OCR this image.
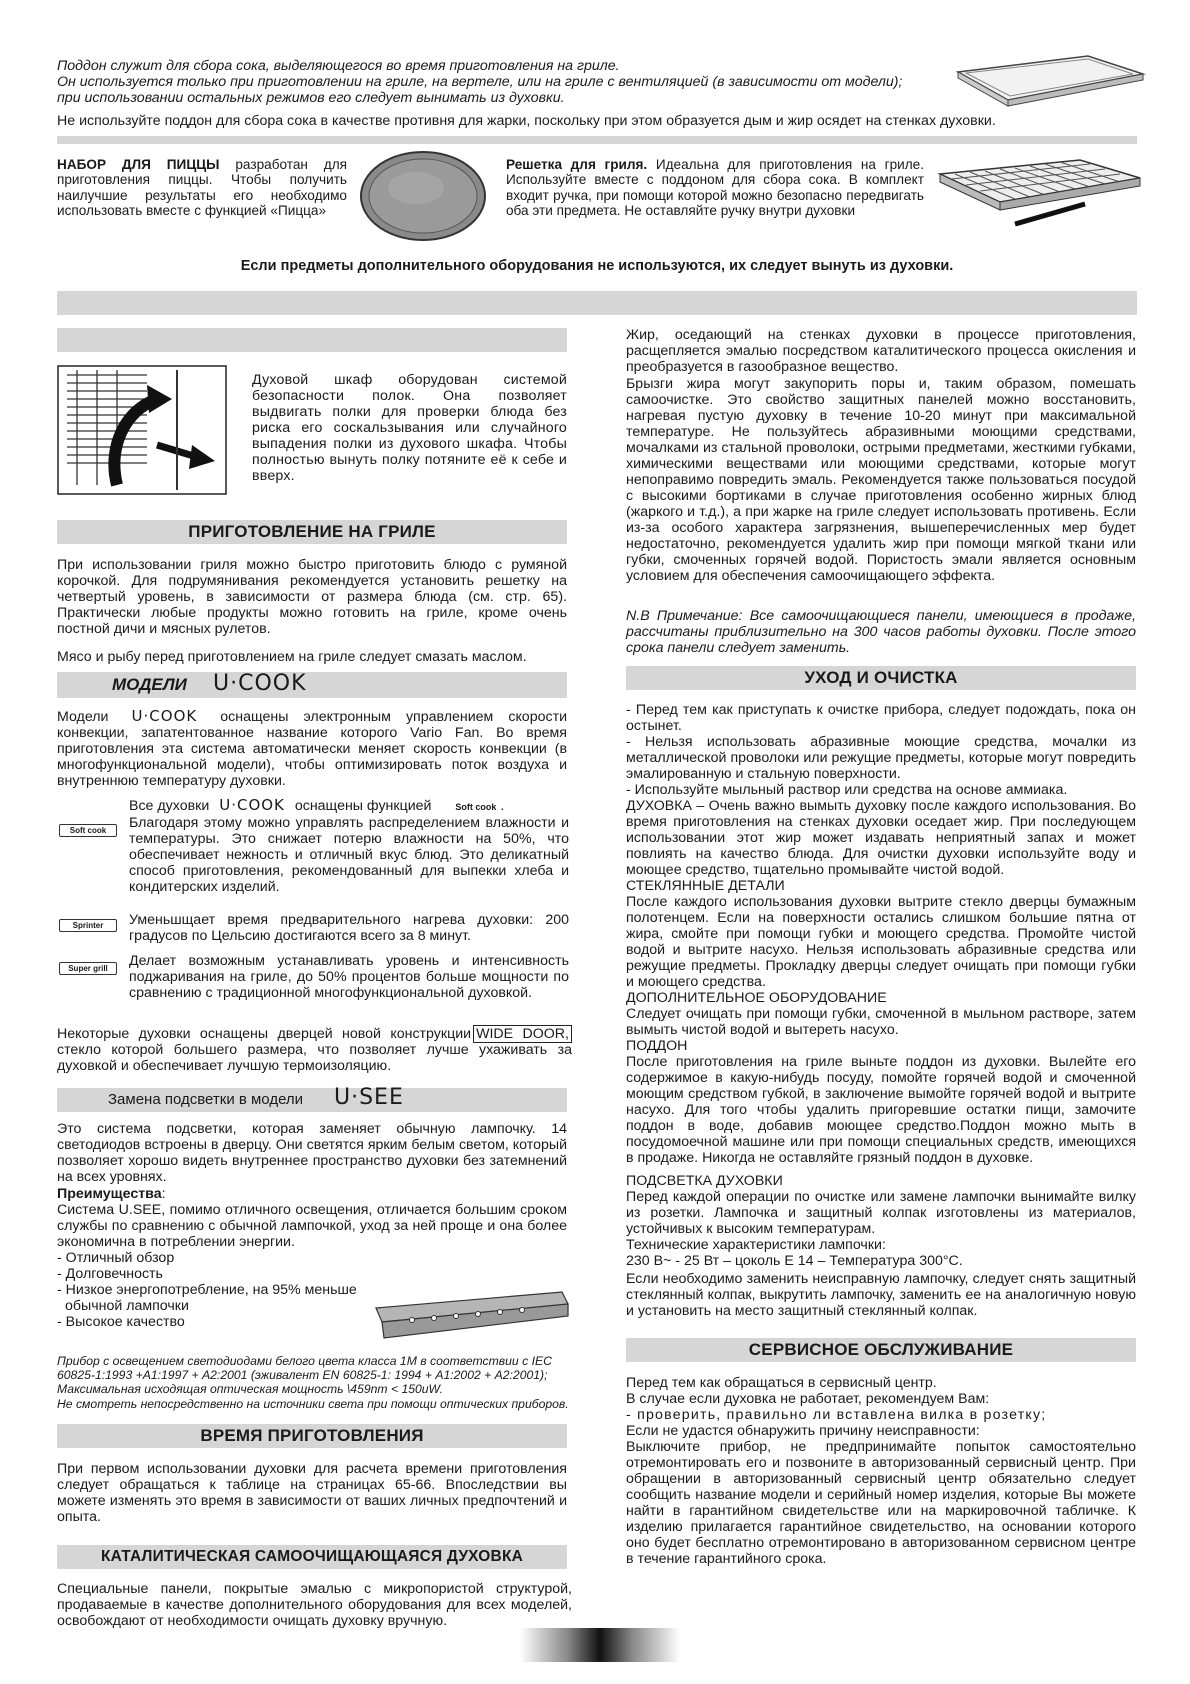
Поддон служит для сбора сока, выделяющегося во время приготовления на гриле.
Он используется только при приготовлении на гриле, на вертеле, или на гриле с вентиляцией (в зависимости от модели);
при использовании остальных режимов его следует вынимать из духовки.
Не используйте поддон для сбора сока в качестве противня для жарки, поскольку при этом образуется дым и жир осядет на стенках духовки.
НАБОР ДЛЯ ПИЦЦЫ разработан для приготовления пиццы. Чтобы получить наилучшие результаты его необходимо использовать вместе с функцией «Пицца»
Решетка для гриля. Идеальна для приготовления на гриле. Используйте вместе с поддоном для сбора сока. В комплект входит ручка, при помощи которой можно безопасно передвигать оба эти предмета. Не оставляйте ручку внутри духовки
Если предметы дополнительного оборудования не используются, их следует вынуть из духовки.
Духовой шкаф оборудован системой безопасности полок. Она позволяет выдвигать полки для проверки блюда без риска его соскальзывания или случайного выпадения полки из духового шкафа. Чтобы полностью вынуть полку потяните её к себе и вверх.
ПРИГОТОВЛЕНИЕ НА ГРИЛЕ
При использовании гриля можно быстро приготовить блюдо с румяной корочкой. Для подрумянивания рекомендуется установить решетку на четвертый уровень, в зависимости от размера блюда (см. стр. 65). Практически любые продукты можно готовить на гриле, кроме очень постной дичи и мясных рулетов.
Мясо и рыбу перед приготовлением на гриле следует смазать маслом.
МОДЕЛИ U·COOK
Модели U·COOK оснащены электронным управлением скорости конвекции, запатентованное название которого Vario Fan. Во время приготовления эта система автоматически меняет скорость конвекции (в многофункциональной модели), чтобы оптимизировать поток воздуха и внутреннюю температуру духовки.
Все духовки U·COOK оснащены функцией	Soft cook .
Soft cook	Благодаря этому можно управлять распределением влажности и температуры. Это снижает потерю влажности на 50%, что обеспечивает нежность и отличный вкус блюд. Это деликатный способ приготовления, рекомендованный для выпекки хлеба и кондитерских изделий.
Sprinter	Уменьшщает время предварительного нагрева духовки: 200 градусов по Цельсию достигаются всего за 8 минут.
Super grill	Делает возможным устанавливать уровень и интенсивность поджаривания на гриле, до 50% процентов больше мощности по сравнению с традиционной многофункциональной духовкой.
Некоторые духовки оснащены дверцей новой конструкции WIDE DOOR, стекло которой большего размера, что позволяет лучше ухаживать за духовкой и обеспечивает лучшую термоизоляцию.
Замена подсветки в модели U·SEE
Это система подсветки, которая заменяет обычную лампочку. 14 светодиодов встроены в дверцу. Они светятся ярким белым светом, который позволяет хорошо видеть внутреннее пространство духовки без затемнений на всех уровнях.
Преимущества:
Система U.SEE, помимо отличного освещения, отличается большим сроком службы по сравнению с обычной лампочкой, уход за ней проще и она более экономична в потреблении энергии.
- Отличный обзор
- Долговечность
- Низкое энергопотребление, на 95% меньше
обычной лампочки
- Высокое качество
Прибор с освещением светодиодами белого цвета класса 1М в соответствии с IEC 60825-1:1993 +А1:1997 + А2:2001 (эживалент EN 60825-1: 1994 + А1:2002 + А2:2001); Максимальная исходящая оптическая мощность \459nm < 150uW.
Не смотреть непосредственно на источники света при помощи оптических приборов.
ВРЕМЯ ПРИГОТОВЛЕНИЯ
При первом использовании духовки для расчета времени приготовления следует обращаться к таблице на страницах 65-66. Впоследствии вы можете изменять это время в зависимости от ваших личных предпочтений и опыта.
КАТАЛИТИЧЕСКАЯ САМООЧИЩАЮЩАЯСЯ ДУХОВКА
Специальные панели, покрытые эмалью с микропористой структурой, продаваемые в качестве дополнительного оборудования для всех моделей, освобождают от необходимости очищать духовку вручную.
Жир, оседающий на стенках духовки в процессе приготовления, расщепляется эмалью посредством каталитического процесса окисления и преобразуется в газообразное вещество.
Брызги жира могут закупорить поры и, таким образом, помешать самоочистке. Это свойство защитных панелей можно восстановить, нагревая пустую духовку в течение 10-20 минут при максимальной температуре. Не пользуйтесь абразивными моющими средствами, мочалками из стальной проволоки, острыми предметами, жесткими губками, химическими веществами или моющими средствами, которые могут непоправимо повредить эмаль. Рекомендуется также пользоваться посудой с высокими бортиками в случае приготовления особенно жирных блюд (жаркого и т.д.), а при жарке на гриле следует использовать противень. Если из-за особого характера загрязнения, вышеперечисленных мер будет недостаточно, рекомендуется удалить жир при помощи мягкой ткани или губки, смоченных горячей водой. Пористость эмали является основным условием для обеспечения самоочищающего эффекта.
N.B Примечание: Все самоочищающиеся панели, имеющиеся в продаже, рассчитаны приблизительно на 300 часов работы духовки. После этого срока панели следует заменить.
УХОД И ОЧИСТКА
- Перед тем как приступать к очистке прибора, следует подождать, пока он остынет.
- Нельзя использовать абразивные моющие средства, мочалки из металлической проволоки или режущие предметы, которые могут повредить эмалированную и стальную поверхности.
- Используйте мыльный раствор или средства на основе аммиака.
ДУХОВКА – Очень важно вымыть духовку после каждого использования. Во время приготовления на стенках духовки оседает жир. При последующем использовании этот жир может издавать неприятный запах и может повлиять на качество блюда. Для очистки духовки используйте воду и моющее средство, тщательно промывайте чистой водой.
СТЕКЛЯННЫЕ ДЕТАЛИ
После каждого использования духовки вытрите стекло дверцы бумажным полотенцем. Если на поверхности остались слишком большие пятна от жира, смойте при помощи губки и моющего средства. Промойте чистой водой и вытрите насухо. Нельзя использовать абразивные средства или режущие предметы. Прокладку дверцы следует очищать при помощи губки и моющего средства.
ДОПОЛНИТЕЛЬНОЕ ОБОРУДОВАНИЕ
Следует очищать при помощи губки, смоченной в мыльном растворе, затем вымыть чистой водой и вытереть насухо.
ПОДДОН
После приготовления на гриле выньте поддон из духовки. Вылейте его содержимое в какую-нибудь посуду, помойте горячей водой и смоченной моющим средством губкой, в заключение вымойте горячей водой и вытрите насухо. Для того чтобы удалить пригоревшие остатки пищи, замочите поддон в воде, добавив моющее средство.Поддон можно мыть в посудомоечной машине или при помощи специальных средств, имеющихся в продаже. Никогда не оставляйте грязный поддон в духовке.
ПОДСВЕТКА ДУХОВКИ
Перед каждой операции по очистке или замене лампочки вынимайте вилку из розетки. Лампочка и защитный колпак изготовлены из материалов, устойчивых к высоким температурам.
Технические характеристики лампочки:
230 В~ - 25 Вт – цоколь Е 14 – Температура 300°С.
Если необходимо заменить неисправную лампочку, следует снять защитный стеклянный колпак, выкрутить лампочку, заменить ее на аналогичную новую и установить на место защитный стеклянный колпак.
СЕРВИСНОЕ ОБСЛУЖИВАНИЕ
Перед тем как обращаться в сервисный центр.
В случае если духовка не работает, рекомендуем Вам:
- проверить, правильно ли вставлена вилка в розетку;
Если не удастся обнаружить причину неисправности:
Выключите прибор, не предпринимайте попыток самостоятельно отремонтировать его и позвоните в авторизованный сервисный центр. При обращении в авторизованный сервисный центр обязательно следует сообщить название модели и серийный номер изделия, которые Вы можете найти в гарантийном свидетельстве или на маркировочной табличке. К изделию прилагается гарантийное свидетельство, на основании которого оно будет бесплатно отремонтировано в авторизованном сервисном центре в течение гарантийного срока.
